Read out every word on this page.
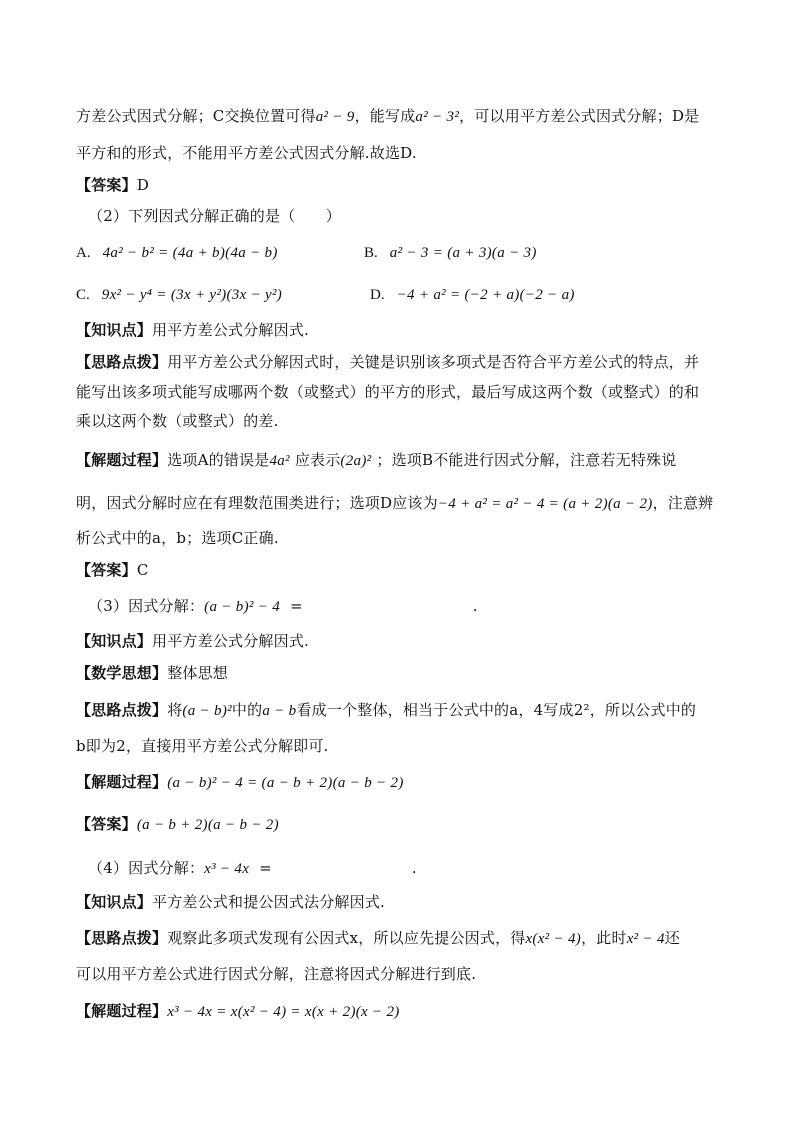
方差公式因式分解；C交换位置可得a² − 9，能写成a² − 3²，可以用平方差公式因式分解；D是
平方和的形式，不能用平方差公式因式分解.故选D.
【答案】D
（2）下列因式分解正确的是（　　）
A. 4a² − b² = (4a + b)(4a − b)	B. a² − 3 = (a + 3)(a − 3)
C. 9x² − y⁴ = (3x + y²)(3x − y²)	D. −4 + a² = (−2 + a)(−2 − a)
【知识点】用平方差公式分解因式.
【思路点拨】用平方差公式分解因式时，关键是识别该多项式是否符合平方差公式的特点，并
能写出该多项式能写成哪两个数（或整式）的平方的形式，最后写成这两个数（或整式）的和
乘以这两个数（或整式）的差.
【解题过程】选项A的错误是4a² 应表示(2a)² ；选项B不能进行因式分解，注意若无特殊说
明，因式分解时应在有理数范围类进行；选项D应该为−4 + a² = a² − 4 = (a + 2)(a − 2)，注意辨
析公式中的a，b；选项C正确.
【答案】C
（3）因式分解：(a − b)² − 4 =	.
【知识点】用平方差公式分解因式.
【数学思想】整体思想
【思路点拨】将(a − b)²中的a − b看成一个整体，相当于公式中的a，4写成2²，所以公式中的
b即为2，直接用平方差公式分解即可.
【解题过程】(a − b)² − 4 = (a − b + 2)(a − b − 2)
【答案】(a − b + 2)(a − b − 2)
（4）因式分解：x³ − 4x =	.
【知识点】平方差公式和提公因式法分解因式.
【思路点拨】观察此多项式发现有公因式x，所以应先提公因式，得x(x² − 4)，此时x² − 4还
可以用平方差公式进行因式分解，注意将因式分解进行到底.
【解题过程】x³ − 4x = x(x² − 4) = x(x + 2)(x − 2)
